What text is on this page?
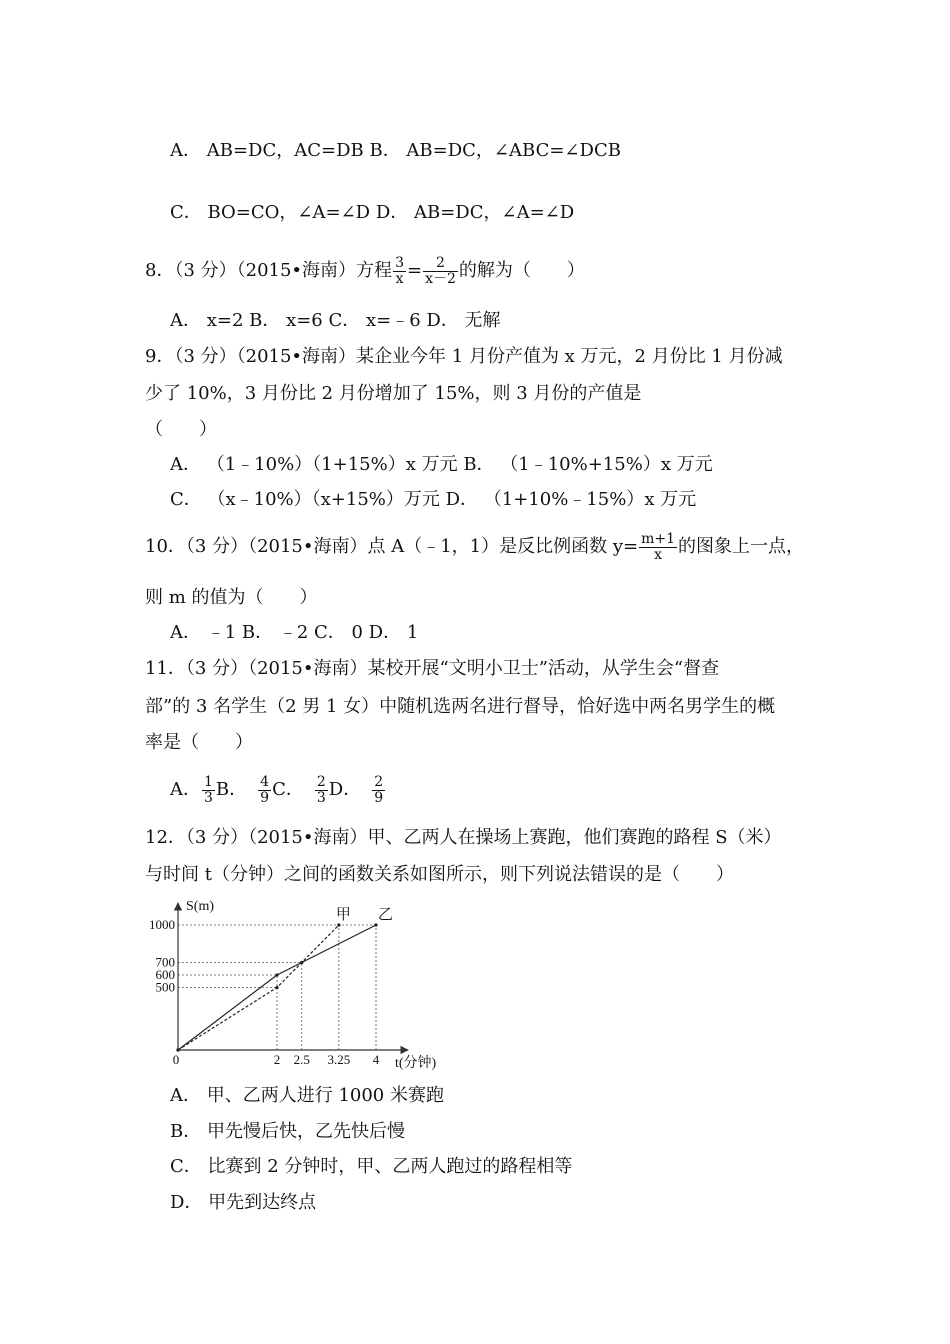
A． AB=DC，AC=DB B． AB=DC，∠ABC=∠DCB
C． BO=CO，∠A=∠D D． AB=DC，∠A=∠D
8．（3 分）（2015•海南）方程 $\frac{3}{x} = \frac{2}{x-2}$ 的解为（　　）
A． x=2 B． x=6 C． x=﹣6 D． 无解
9．（3 分）（2015•海南）某企业今年 1 月份产值为 x 万元，2 月份比 1 月份减
少了 10%，3 月份比 2 月份增加了 15%，则 3 月份的产值是
（　　）
A． （1﹣10%）（1+15%）x 万元 B． （1﹣10%+15%）x 万元
C． （x﹣10%）（x+15%）万元 D． （1+10%﹣15%）x 万元
10．（3 分）（2015•海南）点 A（﹣1，1）是反比例函数 $y= \frac{m+1}{x}$ 的图象上一点，
则 m 的值为（　　）
A． ﹣1 B． ﹣2 C． 0 D． 1
11．（3 分）（2015•海南）某校开展“文明小卫士”活动，从学生会“督查
部”的 3 名学生（2 男 1 女）中随机选两名进行督导，恰好选中两名男学生的概
率是（　　）
A． $\frac{1}{3}$ B． $\frac{4}{9}$ C． $\frac{2}{3}$ D． $\frac{2}{9}$
12．（3 分）（2015•海南）甲、乙两人在操场上赛跑，他们赛跑的路程 S（米）
与时间 t（分钟）之间的函数关系如图所示，则下列说法错误的是（　　）
S(m)
t(分钟)
1000
700
600
500
0	2 2.5 3.25 4
甲 乙
A． 甲、乙两人进行 1000 米赛跑
B． 甲先慢后快，乙先快后慢
C． 比赛到 2 分钟时，甲、乙两人跑过的路程相等
D． 甲先到达终点
